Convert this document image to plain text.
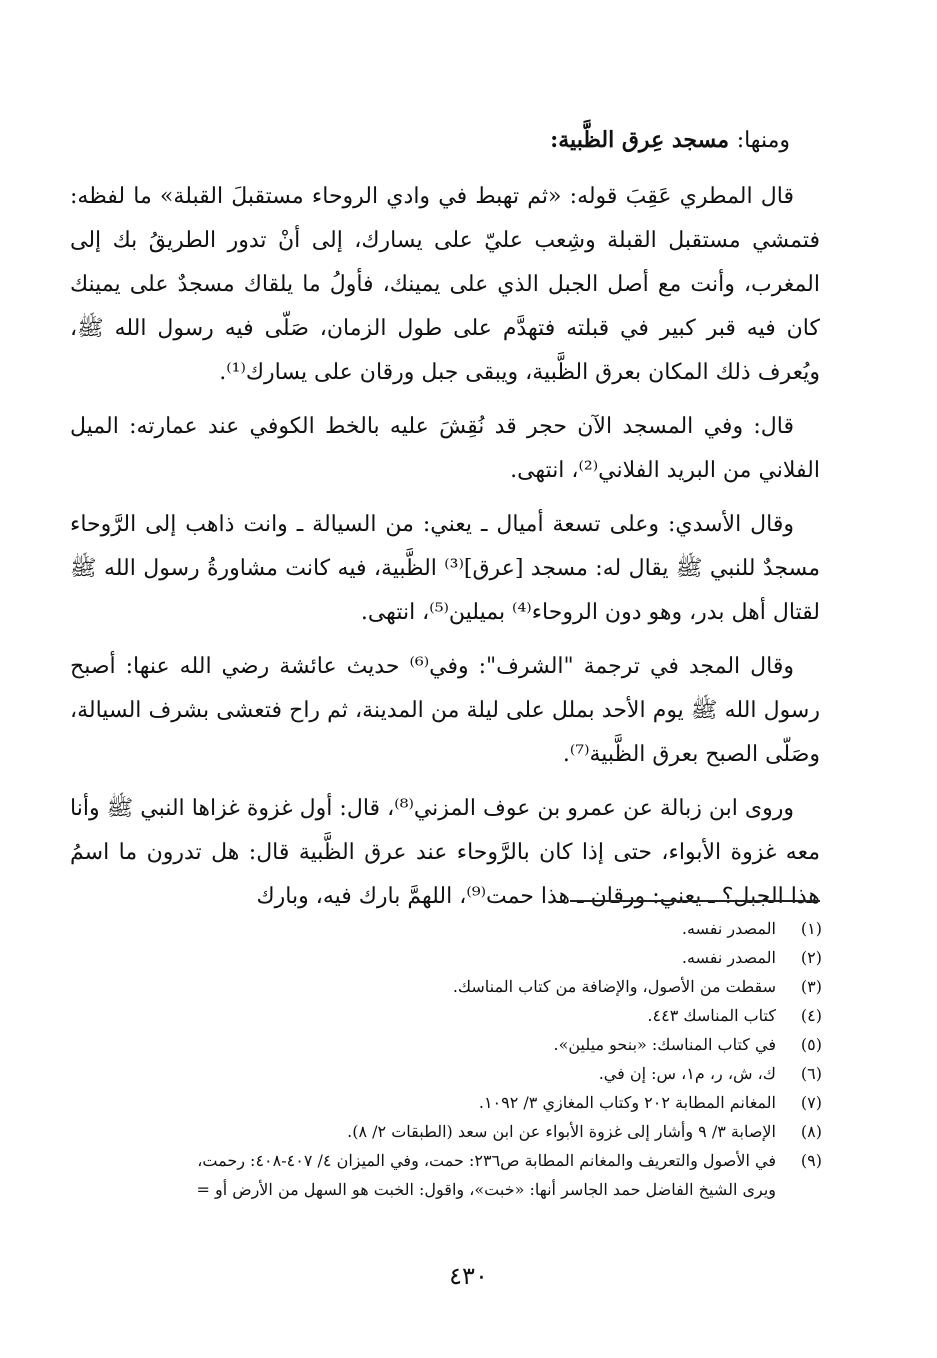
ومنها: مسجد عِرق الظَّبية:

قال المطري عَقِبَ قوله: «ثم تهبط في وادي الروحاء مستقبلَ القبلة» ما لفظه: فتمشي مستقبل القبلة وشِعب عليّ على يسارك، إلى أنْ تدور الطريقُ بك إلى المغرب، وأنت مع أصل الجبل الذي على يمينك، فأولُ ما يلقاك مسجدٌ على يمينك كان فيه قبر كبير في قبلته فتهدَّم على طول الزمان، صَلّى فيه رسول الله ﷺ، ويُعرف ذلك المكان بعرق الظَّبية، ويبقى جبل ورقان على يسارك⁽¹⁾.

قال: وفي المسجد الآن حجر قد نُقِشَ عليه بالخط الكوفي عند عمارته: الميل الفلاني من البريد الفلاني⁽²⁾، انتهى.

وقال الأسدي: وعلى تسعة أميال ـ يعني: من السيالة ـ وانت ذاهب إلى الرَّوحاء مسجدٌ للنبي ﷺ يقال له: مسجد [عرق]⁽³⁾ الظَّبية، فيه كانت مشاورةُ رسول الله ﷺ لقتال أهل بدر، وهو دون الروحاء⁽⁴⁾ بميلين⁽⁵⁾، انتهى.

وقال المجد في ترجمة "الشرف": وفي⁽⁶⁾ حديث عائشة رضي الله عنها: أصبح رسول الله ﷺ يوم الأحد بملل على ليلة من المدينة، ثم راح فتعشى بشرف السيالة، وصَلّى الصبح بعرق الظَّبية⁽⁷⁾.

وروى ابن زبالة عن عمرو بن عوف المزني⁽⁸⁾، قال: أول غزوة غزاها النبي ﷺ وأنا معه غزوة الأبواء، حتى إذا كان بالرَّوحاء عند عرق الظَّبية قال: هل تدرون ما اسمُ هذا الجبل؟ ـ يعني: ورقان ـ هذا حمت⁽⁹⁾، اللهمَّ بارك فيه، وبارك

(١)
المصدر نفسه.
(٢)
المصدر نفسه.
(٣)
سقطت من الأصول، والإضافة من كتاب المناسك.
(٤)
كتاب المناسك ٤٤٣.
(٥)
في كتاب المناسك: «بنحو ميلين».
(٦)
ك، ش، ر، م١، س: إن في.
(٧)
المغانم المطابة ٢٠٢ وكتاب المغازي ٣/ ١٠٩٢.
(٨)
الإصابة ٣/ ٩ وأشار إلى غزوة الأبواء عن ابن سعد (الطبقات ٢/ ٨).
(٩)
في الأصول والتعريف والمغانم المطابة ص٢٣٦: حمت، وفي الميزان ٤/ ٤٠٧-٤٠٨: رحمت،
ويرى الشيخ الفاضل حمد الجاسر أنها: «خبت»، واقول: الخبت هو السهل من الأرض أو =
٤٣٠
